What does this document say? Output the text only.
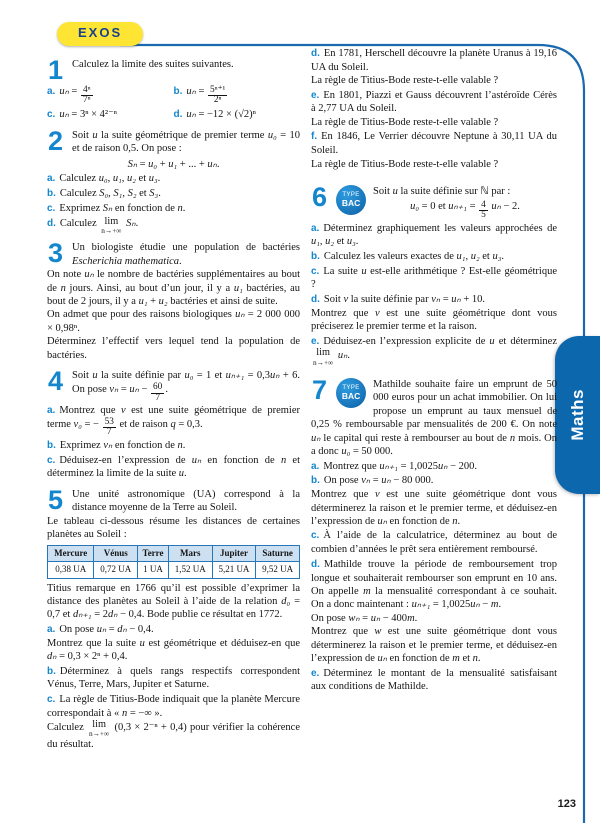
EXOS
Maths
1 Calculez la limite des suites suivantes.

a. $u_n = \frac{\text{4ⁿ}}{\text{7ⁿ}}$	b. $u_n = \frac{\text{5ⁿ⁺¹}}{\text{2ⁿ}}$

c. uₙ = 3ⁿ × 4²⁻ⁿ	d. uₙ = −12 × (√2)ⁿ

2 Soit u la suite géométrique de premier terme u₀ = 10 et de raison 0,5. On pose :

Sₙ = u₀ + u₁ + ... + uₙ.

a. Calculez u₀, u₁, u₂ et u₃.

b. Calculez S₀, S₁, S₂ et S₃.

c. Exprimez Sₙ en fonction de n.

d. Calculez lim
n→+∞
Sₙ.

3 Un biologiste étudie une population de bactéries Escherichia mathematica.

On note uₙ le nombre de bactéries supplémentaires au bout de n jours. Ainsi, au bout d’un jour, il y a u₁ bactéries, au bout de 2 jours, il y a u₁ + u₂ bactéries et ainsi de suite.

On admet que pour des raisons biologiques uₙ = 2 000 000 × 0,98ⁿ.

Déterminez l’effectif vers lequel tend la population de bactéries.

4 Soit u la suite définie par u₀ = 1 et uₙ₊₁ = 0,3uₙ + 6. On pose $v_n = u_n - \frac{60}{7}$ .

a. Montrez que v est une suite géométrique de premier terme v₀ = − $\frac{53}{7}$ et de raison q = 0,3.

b. Exprimez vₙ en fonction de n.

c. Déduisez-en l’expression de uₙ en fonction de n et déterminez la limite de la suite u.

5 Une unité astronomique (UA) correspond à la distance moyenne de la Terre au Soleil.

Le tableau ci-dessous résume les distances de certaines planètes au Soleil :

Mercure	Vénus	Terre	Mars	Jupiter	Saturne
0,38 UA	0,72 UA	1 UA	1,52 UA	5,21 UA	9,52 UA

Titius remarque en 1766 qu’il est possible d’exprimer la distance des planètes au Soleil à l’aide de la relation d₀ = 0,7 et dₙ₊₁ = 2dₙ − 0,4. Bode publie ce résultat en 1772.

a. On pose uₙ = dₙ − 0,4.
Montrez que la suite u est géométrique et déduisez-en que dₙ = 0,3 × 2ⁿ + 0,4.

b. Déterminez à quels rangs respectifs correspondent Vénus, Terre, Mars, Jupiter et Saturne.

c. La règle de Titius-Bode indiquait que la planète Mercure correspondait à « n = −∞ ».
Calculez lim
n→+∞
(0,3 × 2⁻ⁿ + 0,4) pour vérifier la cohérence du résultat.

d. En 1781, Herschell découvre la planète Uranus à 19,16 UA du Soleil.
La règle de Titius-Bode reste-t-elle valable ?

e. En 1801, Piazzi et Gauss découvrent l’astéroïde Cérès à 2,77 UA du Soleil.
La règle de Titius-Bode reste-t-elle valable ?

f. En 1846, Le Verrier découvre Neptune à 30,11 UA du Soleil.
La règle de Titius-Bode reste-t-elle valable ?

6	TYPE
BAC

Soit u la suite définie sur ℕ par :

u₀ = 0 et $u_{n+1} = \frac{4}{5}$ uₙ − 2.

a. Déterminez graphiquement les valeurs approchées de u₁, u₂ et u₃.

b. Calculez les valeurs exactes de u₁, u₂ et u₃.

c. La suite u est-elle arithmétique ? Est-elle géométrique ?

d. Soit v la suite définie par vₙ = uₙ + 10.
Montrez que v est une suite géométrique dont vous préciserez le premier terme et la raison.

e. Déduisez-en l’expression explicite de u et déterminez
lim
n→+∞
uₙ.

7	TYPE
BAC

Mathilde souhaite faire un emprunt de 50 000 euros pour un achat immobilier. On lui propose un emprunt au taux mensuel de 0,25 % remboursable par mensualités de 200 €. On note uₙ le capital qui reste à rembourser au bout de n mois. On a donc u₀ = 50 000.

a. Montrez que uₙ₊₁ = 1,0025uₙ − 200.

b. On pose vₙ = uₙ − 80 000.
Montrez que v est une suite géométrique dont vous déterminerez la raison et le premier terme, et déduisez-en l’expression de uₙ en fonction de n.

c. À l’aide de la calculatrice, déterminez au bout de combien d’années le prêt sera entièrement remboursé.

d. Mathilde trouve la période de remboursement trop longue et souhaiterait rembourser son emprunt en 10 ans. On appelle m la mensualité correspondant à ce souhait. On a donc maintenant : uₙ₊₁ = 1,0025uₙ − m.
On pose wₙ = uₙ − 400m.
Montrez que w est une suite géométrique dont vous déterminerez la raison et le premier terme, et déduisez-en l’expression de uₙ en fonction de m et n.

e. Déterminez le montant de la mensualité satisfaisant aux conditions de Mathilde.

123
